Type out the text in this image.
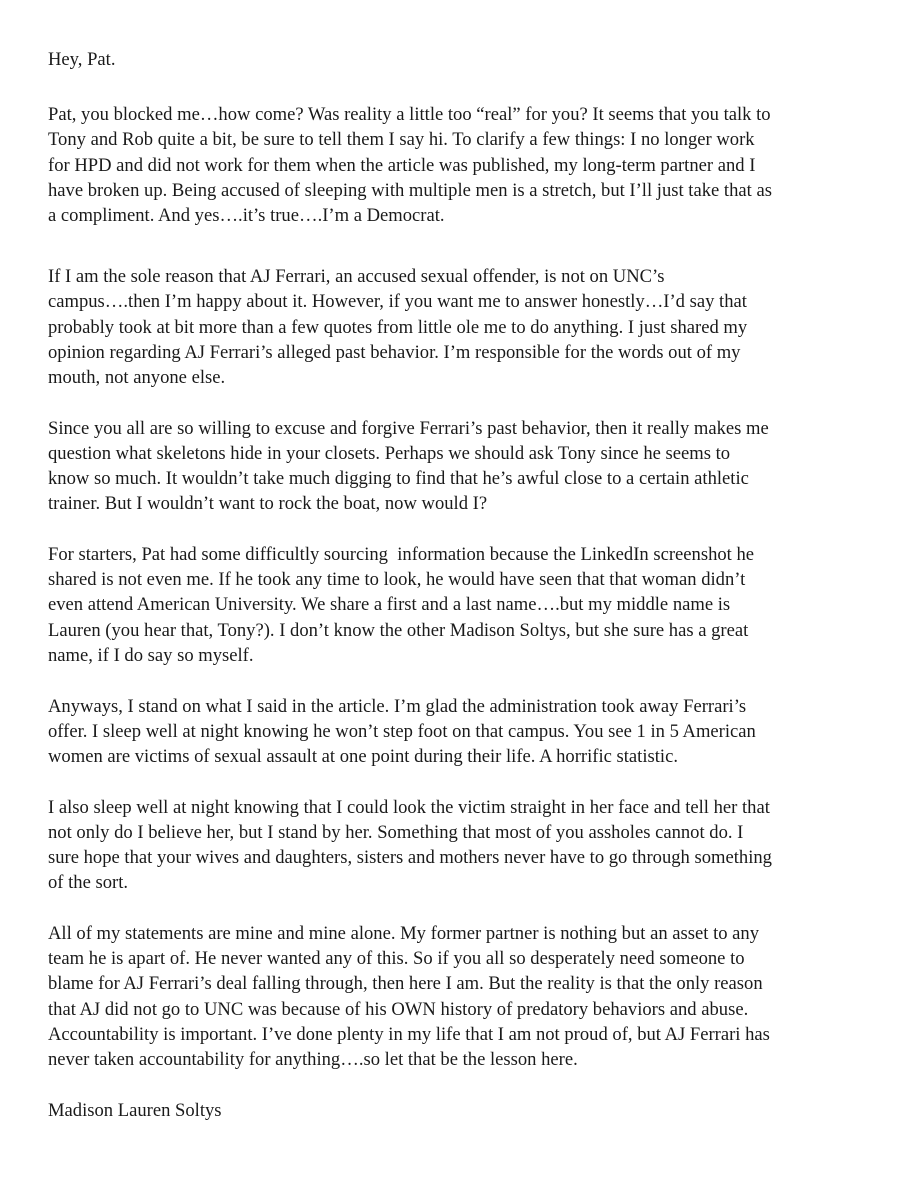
Hey, Pat.
Pat, you blocked me…how come? Was reality a little too “real” for you? It seems that you talk to
Tony and Rob quite a bit, be sure to tell them I say hi. To clarify a few things: I no longer work
for HPD and did not work for them when the article was published, my long-term partner and I
have broken up. Being accused of sleeping with multiple men is a stretch, but I’ll just take that as
a compliment. And yes….it’s true….I’m a Democrat.
If I am the sole reason that AJ Ferrari, an accused sexual offender, is not on UNC’s
campus….then I’m happy about it. However, if you want me to answer honestly…I’d say that
probably took at bit more than a few quotes from little ole me to do anything. I just shared my
opinion regarding AJ Ferrari’s alleged past behavior. I’m responsible for the words out of my
mouth, not anyone else.
Since you all are so willing to excuse and forgive Ferrari’s past behavior, then it really makes me
question what skeletons hide in your closets. Perhaps we should ask Tony since he seems to
know so much. It wouldn’t take much digging to find that he’s awful close to a certain athletic
trainer. But I wouldn’t want to rock the boat, now would I?
For starters, Pat had some difficultly sourcing  information because the LinkedIn screenshot he
shared is not even me. If he took any time to look, he would have seen that that woman didn’t
even attend American University. We share a first and a last name….but my middle name is
Lauren (you hear that, Tony?). I don’t know the other Madison Soltys, but she sure has a great
name, if I do say so myself.
Anyways, I stand on what I said in the article. I’m glad the administration took away Ferrari’s
offer. I sleep well at night knowing he won’t step foot on that campus. You see 1 in 5 American
women are victims of sexual assault at one point during their life. A horrific statistic.
I also sleep well at night knowing that I could look the victim straight in her face and tell her that
not only do I believe her, but I stand by her. Something that most of you assholes cannot do. I
sure hope that your wives and daughters, sisters and mothers never have to go through something
of the sort.
All of my statements are mine and mine alone. My former partner is nothing but an asset to any
team he is apart of. He never wanted any of this. So if you all so desperately need someone to
blame for AJ Ferrari’s deal falling through, then here I am. But the reality is that the only reason
that AJ did not go to UNC was because of his OWN history of predatory behaviors and abuse.
Accountability is important. I’ve done plenty in my life that I am not proud of, but AJ Ferrari has
never taken accountability for anything….so let that be the lesson here.
Madison Lauren Soltys
